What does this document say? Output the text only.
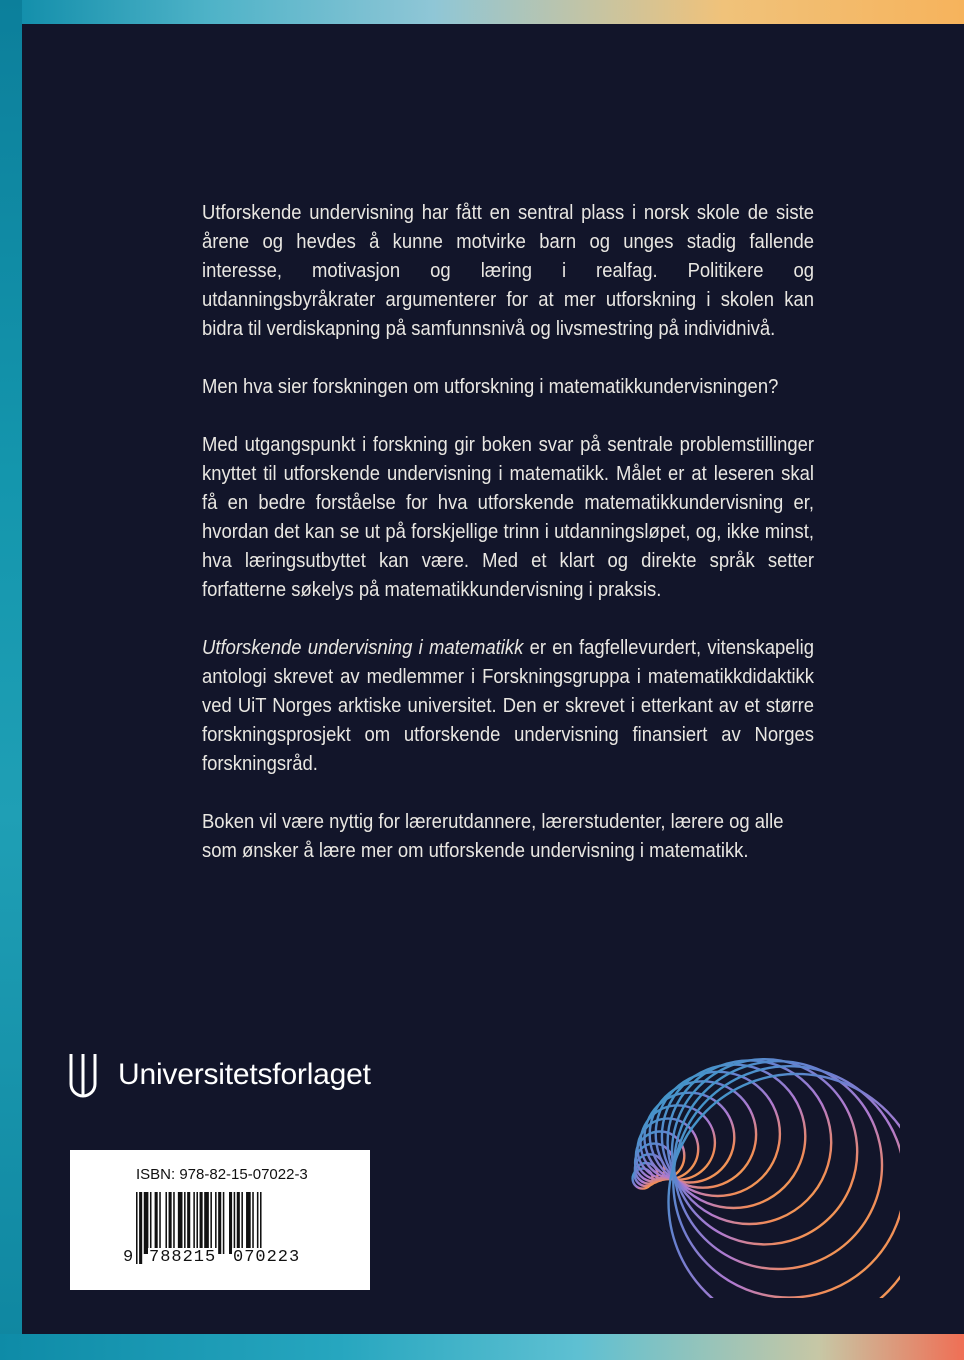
Utforskende undervisning har fått en sentral plass i norsk skole de siste årene og hevdes å kunne motvirke barn og unges stadig fallende interesse, motivasjon og læring i realfag. Politikere og utdanningsbyråkrater argumenterer for at mer utforskning i skolen kan bidra til verdiskapning på samfunnsnivå og livsmestring på individnivå.

Men hva sier forskningen om utforskning i matematikkundervisningen?

Med utgangspunkt i forskning gir boken svar på sentrale problemstillinger knyttet til utforskende undervisning i matematikk. Målet er at leseren skal få en bedre forståelse for hva utforskende matematikkundervisning er, hvordan det kan se ut på forskjellige trinn i utdanningsløpet, og, ikke minst, hva læringsutbyttet kan være. Med et klart og direkte språk setter forfatterne søkelys på matematikkundervisning i praksis.

Utforskende undervisning i matematikk er en fagfellevurdert, vitenskapelig antologi skrevet av medlemmer i Forskningsgruppa i matematikkdidaktikk ved UiT Norges arktiske universitet. Den er skrevet i etterkant av et større forskningsprosjekt om utforskende undervisning finansiert av Norges forskningsråd.

Boken vil være nyttig for lærerutdannere, lærerstudenter, lærere og alle som ønsker å lære mer om utforskende undervisning i matematikk.

Universitetsforlaget
ISBN: 978-82-15-07022-3
9 788215 070223
